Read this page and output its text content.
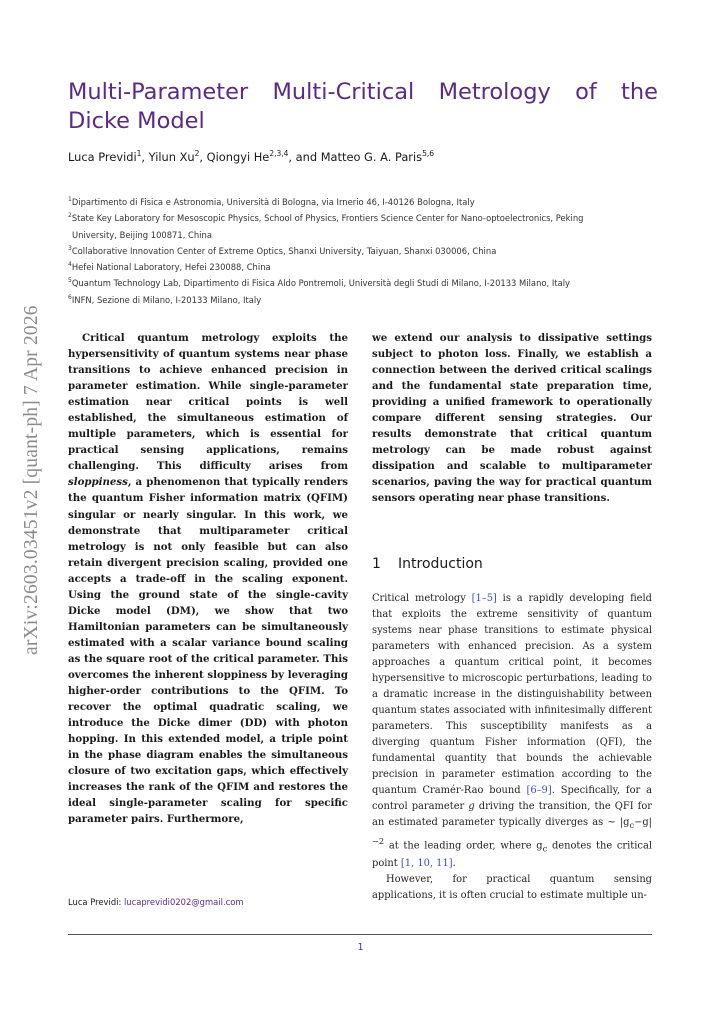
arXiv:2603.03451v2 [quant-ph] 7 Apr 2026
Multi-Parameter Multi-Critical Metrology of the Dicke Model
Luca Previdi$^1$, Yilun Xu$^2$, Qiongyi He$^{2,3,4}$, and Matteo G. A. Paris$^{5,6}$
$^1$Dipartimento di Fisica e Astronomia, Università di Bologna, via Irnerio 46, I-40126 Bologna, Italy
$^2$State Key Laboratory for Mesoscopic Physics, School of Physics, Frontiers Science Center for Nano-optoelectronics, Peking
University, Beijing 100871, China
$^3$Collaborative Innovation Center of Extreme Optics, Shanxi University, Taiyuan, Shanxi 030006, China
$^4$Hefei National Laboratory, Hefei 230088, China
$^5$Quantum Technology Lab, Dipartimento di Fisica Aldo Pontremoli, Università degli Studi di Milano, I-20133 Milano, Italy
$^6$INFN, Sezione di Milano, I-20133 Milano, Italy

Critical quantum metrology exploits the hypersensitivity of quantum systems near phase transitions to achieve enhanced precision in parameter estimation. While single-parameter estimation near critical points is well established, the simultaneous estimation of multiple parameters, which is essential for practical sensing applications, remains challenging. This difficulty arises from sloppiness, a phenomenon that typically renders the quantum Fisher information matrix (QFIM) singular or nearly singular. In this work, we demonstrate that multiparameter critical metrology is not only feasible but can also retain divergent precision scaling, provided one accepts a trade-off in the scaling exponent. Using the ground state of the single-cavity Dicke model (DM), we show that two Hamiltonian parameters can be simultaneously estimated with a scalar variance bound scaling as the square root of the critical parameter. This overcomes the inherent sloppiness by leveraging higher-order contributions to the QFIM. To recover the optimal quadratic scaling, we introduce the Dicke dimer (DD) with photon hopping. In this extended model, a triple point in the phase diagram enables the simultaneous closure of two excitation gaps, which effectively increases the rank of the QFIM and restores the ideal single-parameter scaling for specific parameter pairs. Furthermore,

we extend our analysis to dissipative settings subject to photon loss. Finally, we establish a connection between the derived critical scalings and the fundamental state preparation time, providing a unified framework to operationally compare different sensing strategies. Our results demonstrate that critical quantum metrology can be made robust against dissipation and scalable to multiparameter scenarios, paving the way for practical quantum sensors operating near phase transitions.

1 Introduction

Critical metrology [1–5] is a rapidly developing field that exploits the extreme sensitivity of quantum systems near phase transitions to estimate physical parameters with enhanced precision. As a system approaches a quantum critical point, it becomes hypersensitive to microscopic perturbations, leading to a dramatic increase in the distinguishability between quantum states associated with infinitesimally different parameters. This susceptibility manifests as a diverging quantum Fisher information (QFI), the fundamental quantity that bounds the achievable precision in parameter estimation according to the quantum Cramér-Rao bound [6–9]. Specifically, for a control parameter g driving the transition, the QFI for an estimated parameter typically diverges as ∼ $|g_c-g|^{-2}$ at the leading order, where $g_c$ denotes the critical point [1, 10, 11].

However, for practical quantum sensing applications, it is often crucial to estimate multiple un-

Luca Previdi: lucaprevidi0202@gmail.com
1
